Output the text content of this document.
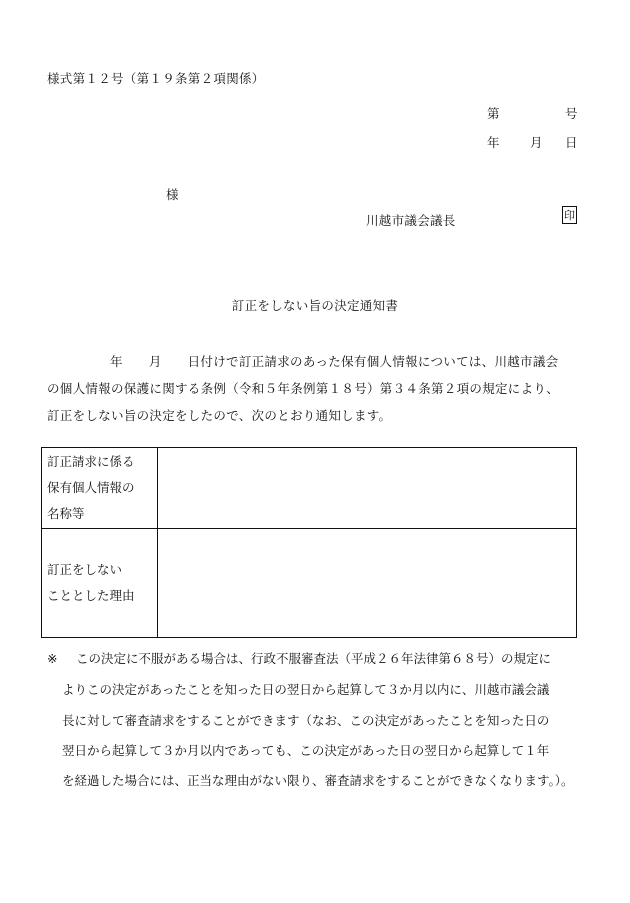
様式第１２号（第１９条第２項関係）
第	号
年 月 日
様
川越市議会議長	印
訂正をしない旨の決定通知書
年 月 日付けで訂正請求のあった保有個人情報については、川越市議会
の個人情報の保護に関する条例（令和５年条例第１８号）第３４条第２項の規定により、
訂正をしない旨の決定をしたので、次のとおり通知します。
訂正請求に係る
保有個人情報の
名称等	

訂正をしない
こととした理由	

※ この決定に不服がある場合は、行政不服審査法（平成２６年法律第６８号）の規定に
よりこの決定があったことを知った日の翌日から起算して３か月以内に、川越市議会議
長に対して審査請求をすることができます（なお、この決定があったことを知った日の
翌日から起算して３か月以内であっても、この決定があった日の翌日から起算して１年
を経過した場合には、正当な理由がない限り、審査請求をすることができなくなります。）。
